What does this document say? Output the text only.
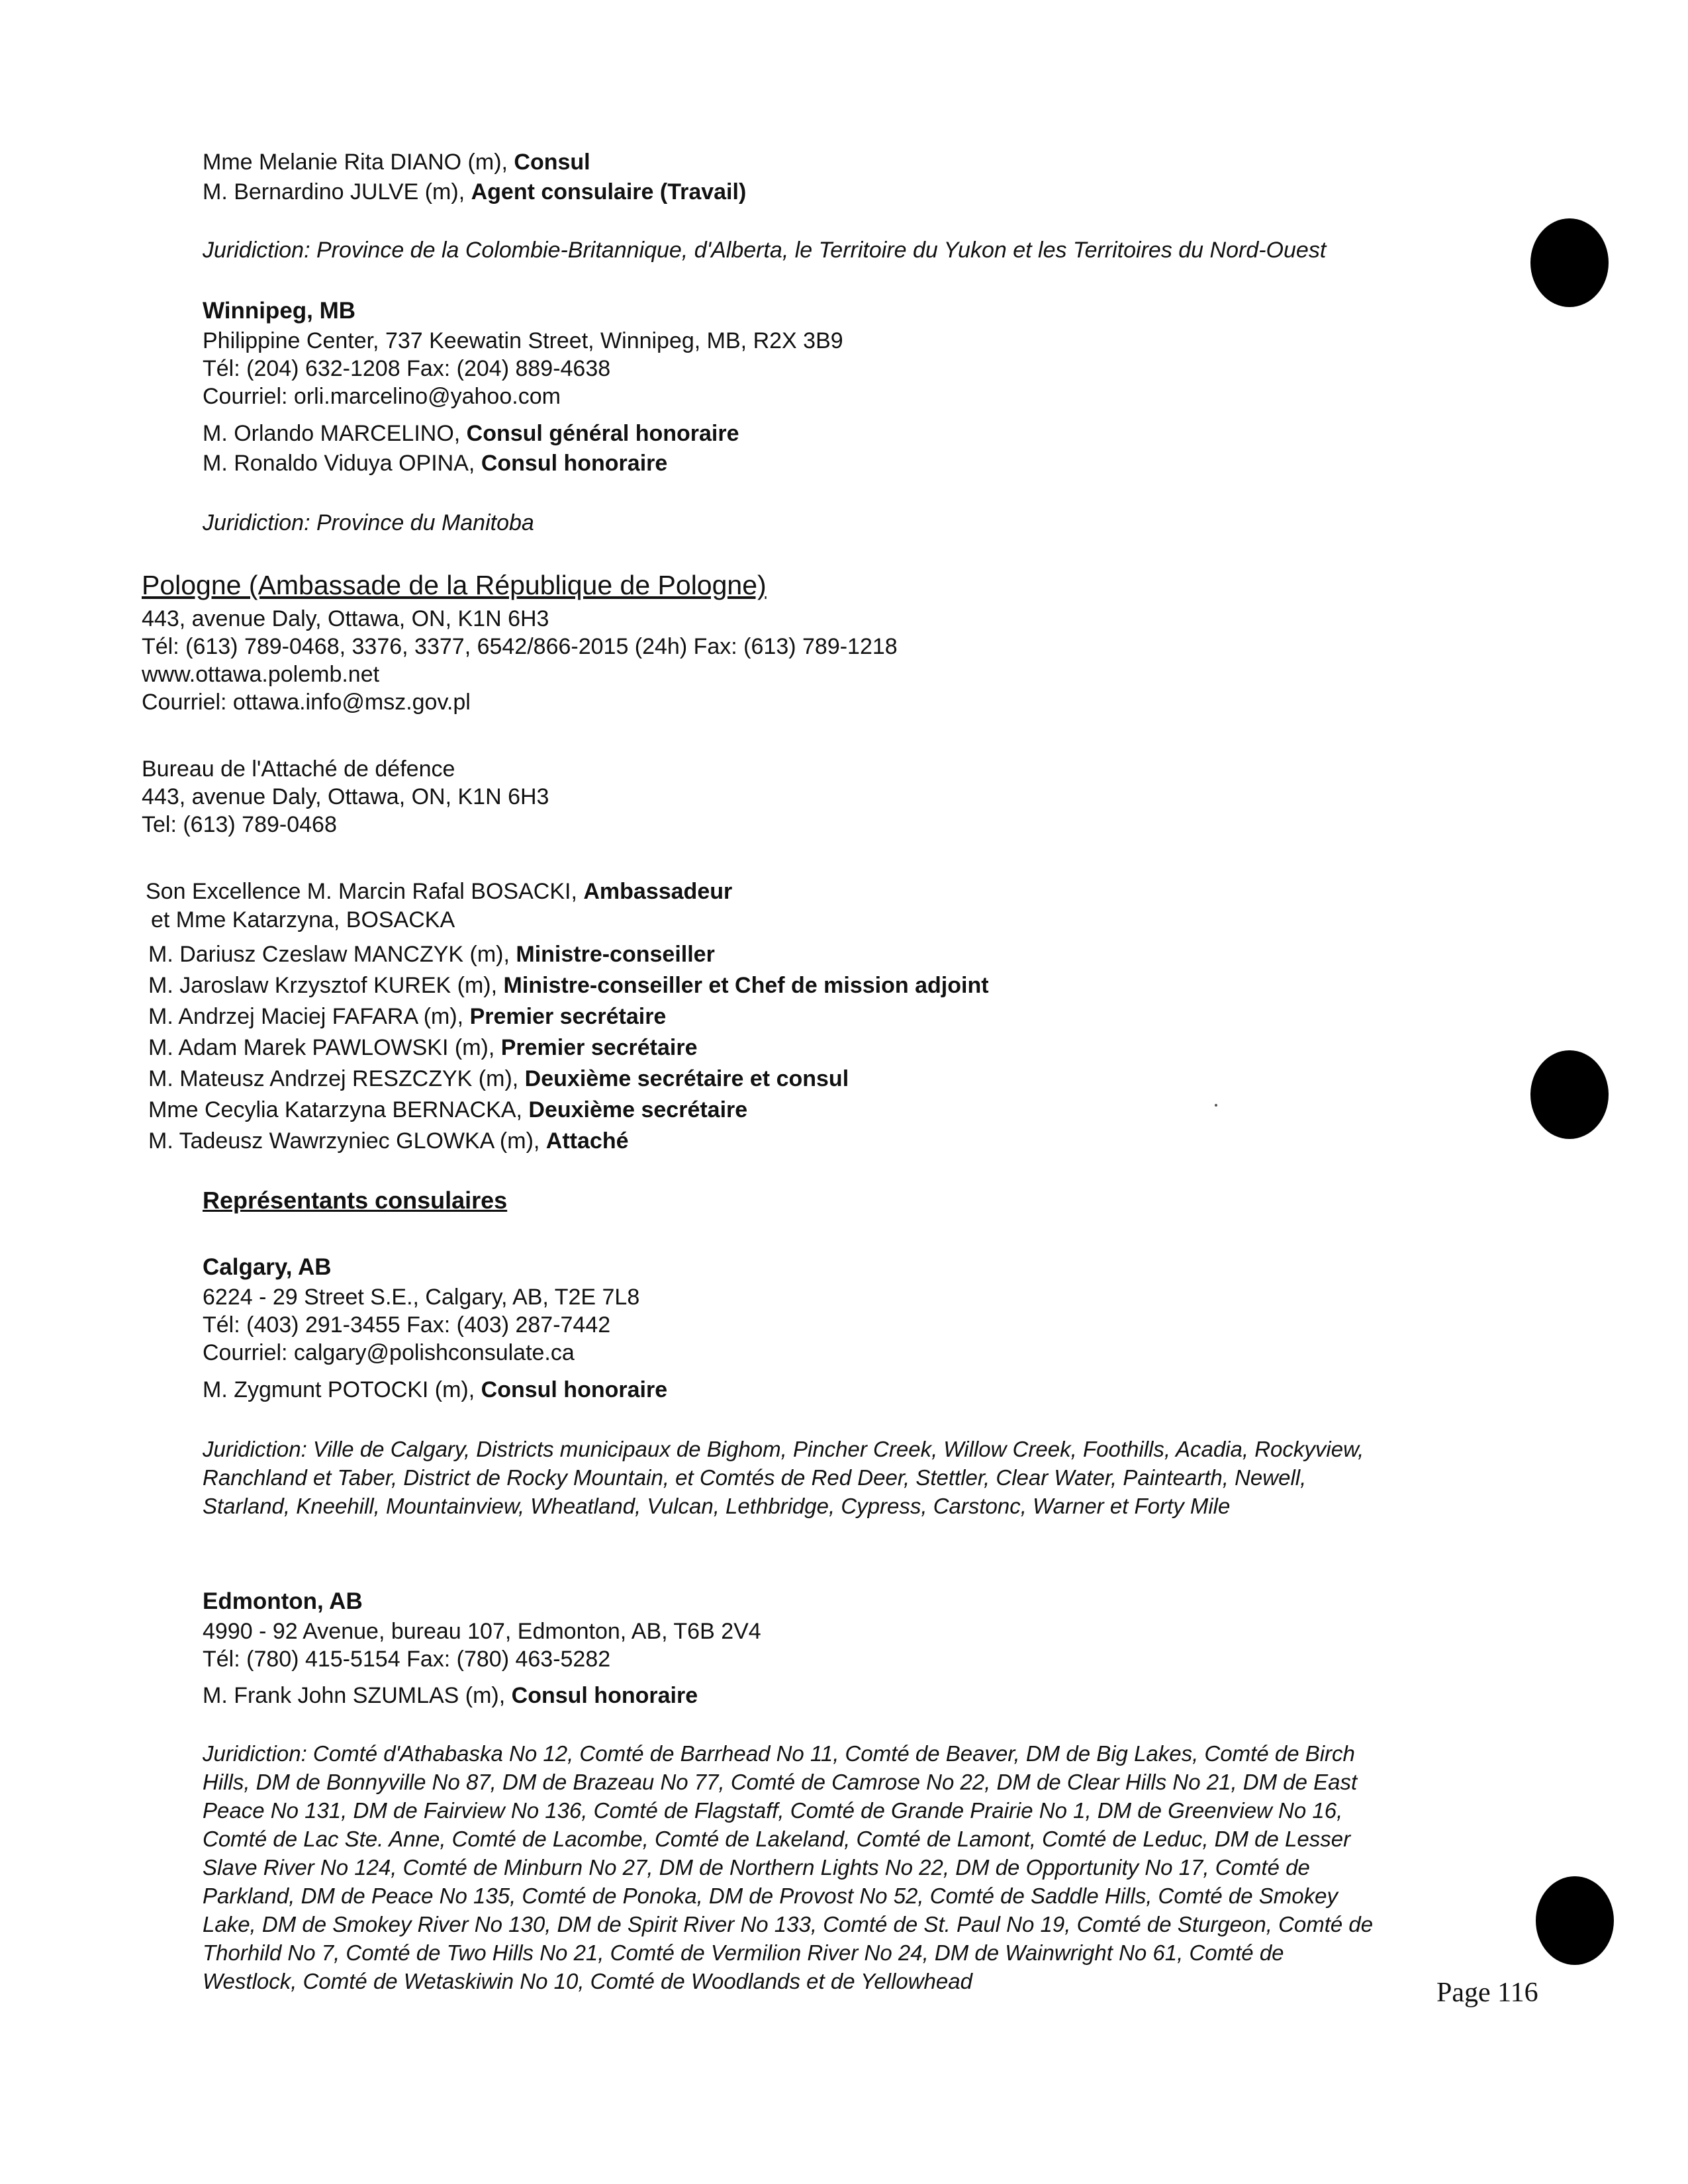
Mme Melanie Rita DIANO (m), Consul
M. Bernardino JULVE (m), Agent consulaire (Travail)
Juridiction: Province de la Colombie-Britannique, d'Alberta, le Territoire du Yukon et les Territoires du Nord-Ouest
Winnipeg, MB
Philippine Center, 737 Keewatin Street, Winnipeg, MB, R2X 3B9
Tél: (204) 632-1208 Fax: (204) 889-4638
Courriel: orli.marcelino@yahoo.com
M. Orlando MARCELINO, Consul général honoraire
M. Ronaldo Viduya OPINA, Consul honoraire
Juridiction: Province du Manitoba
Pologne (Ambassade de la République de Pologne)
443, avenue Daly, Ottawa, ON, K1N 6H3
Tél: (613) 789-0468, 3376, 3377, 6542/866-2015 (24h) Fax: (613) 789-1218
www.ottawa.polemb.net
Courriel: ottawa.info@msz.gov.pl
Bureau de l'Attaché de défence
443, avenue Daly, Ottawa, ON, K1N 6H3
Tel: (613) 789-0468
Son Excellence M. Marcin Rafal BOSACKI, Ambassadeur
et Mme Katarzyna, BOSACKA
M. Dariusz Czeslaw MANCZYK (m), Ministre-conseiller
M. Jaroslaw Krzysztof KUREK (m), Ministre-conseiller et Chef de mission adjoint
M. Andrzej Maciej FAFARA (m), Premier secrétaire
M. Adam Marek PAWLOWSKI (m), Premier secrétaire
M. Mateusz Andrzej RESZCZYK (m), Deuxième secrétaire et consul
Mme Cecylia Katarzyna BERNACKA, Deuxième secrétaire
M. Tadeusz Wawrzyniec GLOWKA (m), Attaché
Représentants consulaires
Calgary, AB
6224 - 29 Street S.E., Calgary, AB, T2E 7L8
Tél: (403) 291-3455 Fax: (403) 287-7442
Courriel: calgary@polishconsulate.ca
M. Zygmunt POTOCKI (m), Consul honoraire
Juridiction: Ville de Calgary, Districts municipaux de Bighom, Pincher Creek, Willow Creek, Foothills, Acadia, Rockyview,
Ranchland et Taber, District de Rocky Mountain, et Comtés de Red Deer, Stettler, Clear Water, Paintearth, Newell,
Starland, Kneehill, Mountainview, Wheatland, Vulcan, Lethbridge, Cypress, Carstonc, Warner et Forty Mile
Edmonton, AB
4990 - 92 Avenue, bureau 107, Edmonton, AB, T6B 2V4
Tél: (780) 415-5154 Fax: (780) 463-5282
M. Frank John SZUMLAS (m), Consul honoraire
Juridiction: Comté d'Athabaska No 12, Comté de Barrhead No 11, Comté de Beaver, DM de Big Lakes, Comté de Birch
Hills, DM de Bonnyville No 87, DM de Brazeau No 77, Comté de Camrose No 22, DM de Clear Hills No 21, DM de East
Peace No 131, DM de Fairview No 136, Comté de Flagstaff, Comté de Grande Prairie No 1, DM de Greenview No 16,
Comté de Lac Ste. Anne, Comté de Lacombe, Comté de Lakeland, Comté de Lamont, Comté de Leduc, DM de Lesser
Slave River No 124, Comté de Minburn No 27, DM de Northern Lights No 22, DM de Opportunity No 17, Comté de
Parkland, DM de Peace No 135, Comté de Ponoka, DM de Provost No 52, Comté de Saddle Hills, Comté de Smokey
Lake, DM de Smokey River No 130, DM de Spirit River No 133, Comté de St. Paul No 19, Comté de Sturgeon, Comté de
Thorhild No 7, Comté de Two Hills No 21, Comté de Vermilion River No 24, DM de Wainwright No 61, Comté de
Westlock, Comté de Wetaskiwin No 10, Comté de Woodlands et de Yellowhead	Page 116
